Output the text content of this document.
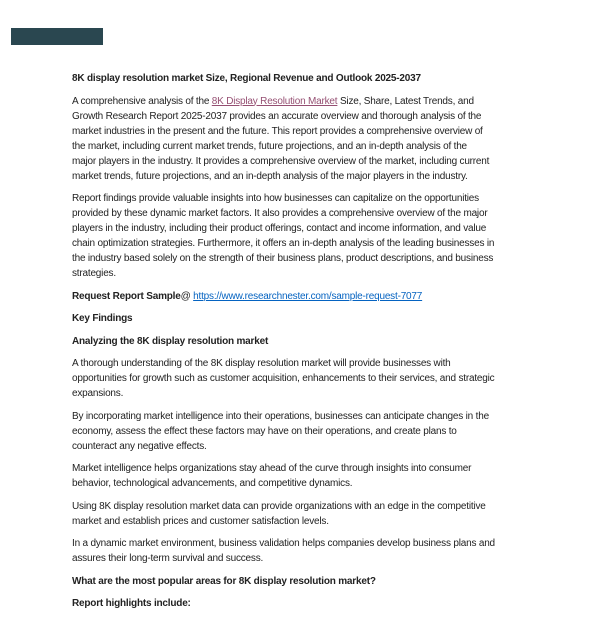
8K display resolution market Size, Regional Revenue and Outlook 2025-2037

A comprehensive analysis of the 8K Display Resolution Market Size, Share, Latest Trends, and
Growth Research Report 2025-2037 provides an accurate overview and thorough analysis of the
market industries in the present and the future. This report provides a comprehensive overview of
the market, including current market trends, future projections, and an in-depth analysis of the
major players in the industry. It provides a comprehensive overview of the market, including current
market trends, future projections, and an in-depth analysis of the major players in the industry.

Report findings provide valuable insights into how businesses can capitalize on the opportunities
provided by these dynamic market factors. It also provides a comprehensive overview of the major
players in the industry, including their product offerings, contact and income information, and value
chain optimization strategies. Furthermore, it offers an in-depth analysis of the leading businesses in
the industry based solely on the strength of their business plans, product descriptions, and business
strategies.

Request Report Sample@ https://www.researchnester.com/sample-request-7077

Key Findings

Analyzing the 8K display resolution market

A thorough understanding of the 8K display resolution market will provide businesses with
opportunities for growth such as customer acquisition, enhancements to their services, and strategic
expansions.

By incorporating market intelligence into their operations, businesses can anticipate changes in the
economy, assess the effect these factors may have on their operations, and create plans to
counteract any negative effects.

Market intelligence helps organizations stay ahead of the curve through insights into consumer
behavior, technological advancements, and competitive dynamics.

Using 8K display resolution market data can provide organizations with an edge in the competitive
market and establish prices and customer satisfaction levels.

In a dynamic market environment, business validation helps companies develop business plans and
assures their long-term survival and success.

What are the most popular areas for 8K display resolution market?

Report highlights include:
